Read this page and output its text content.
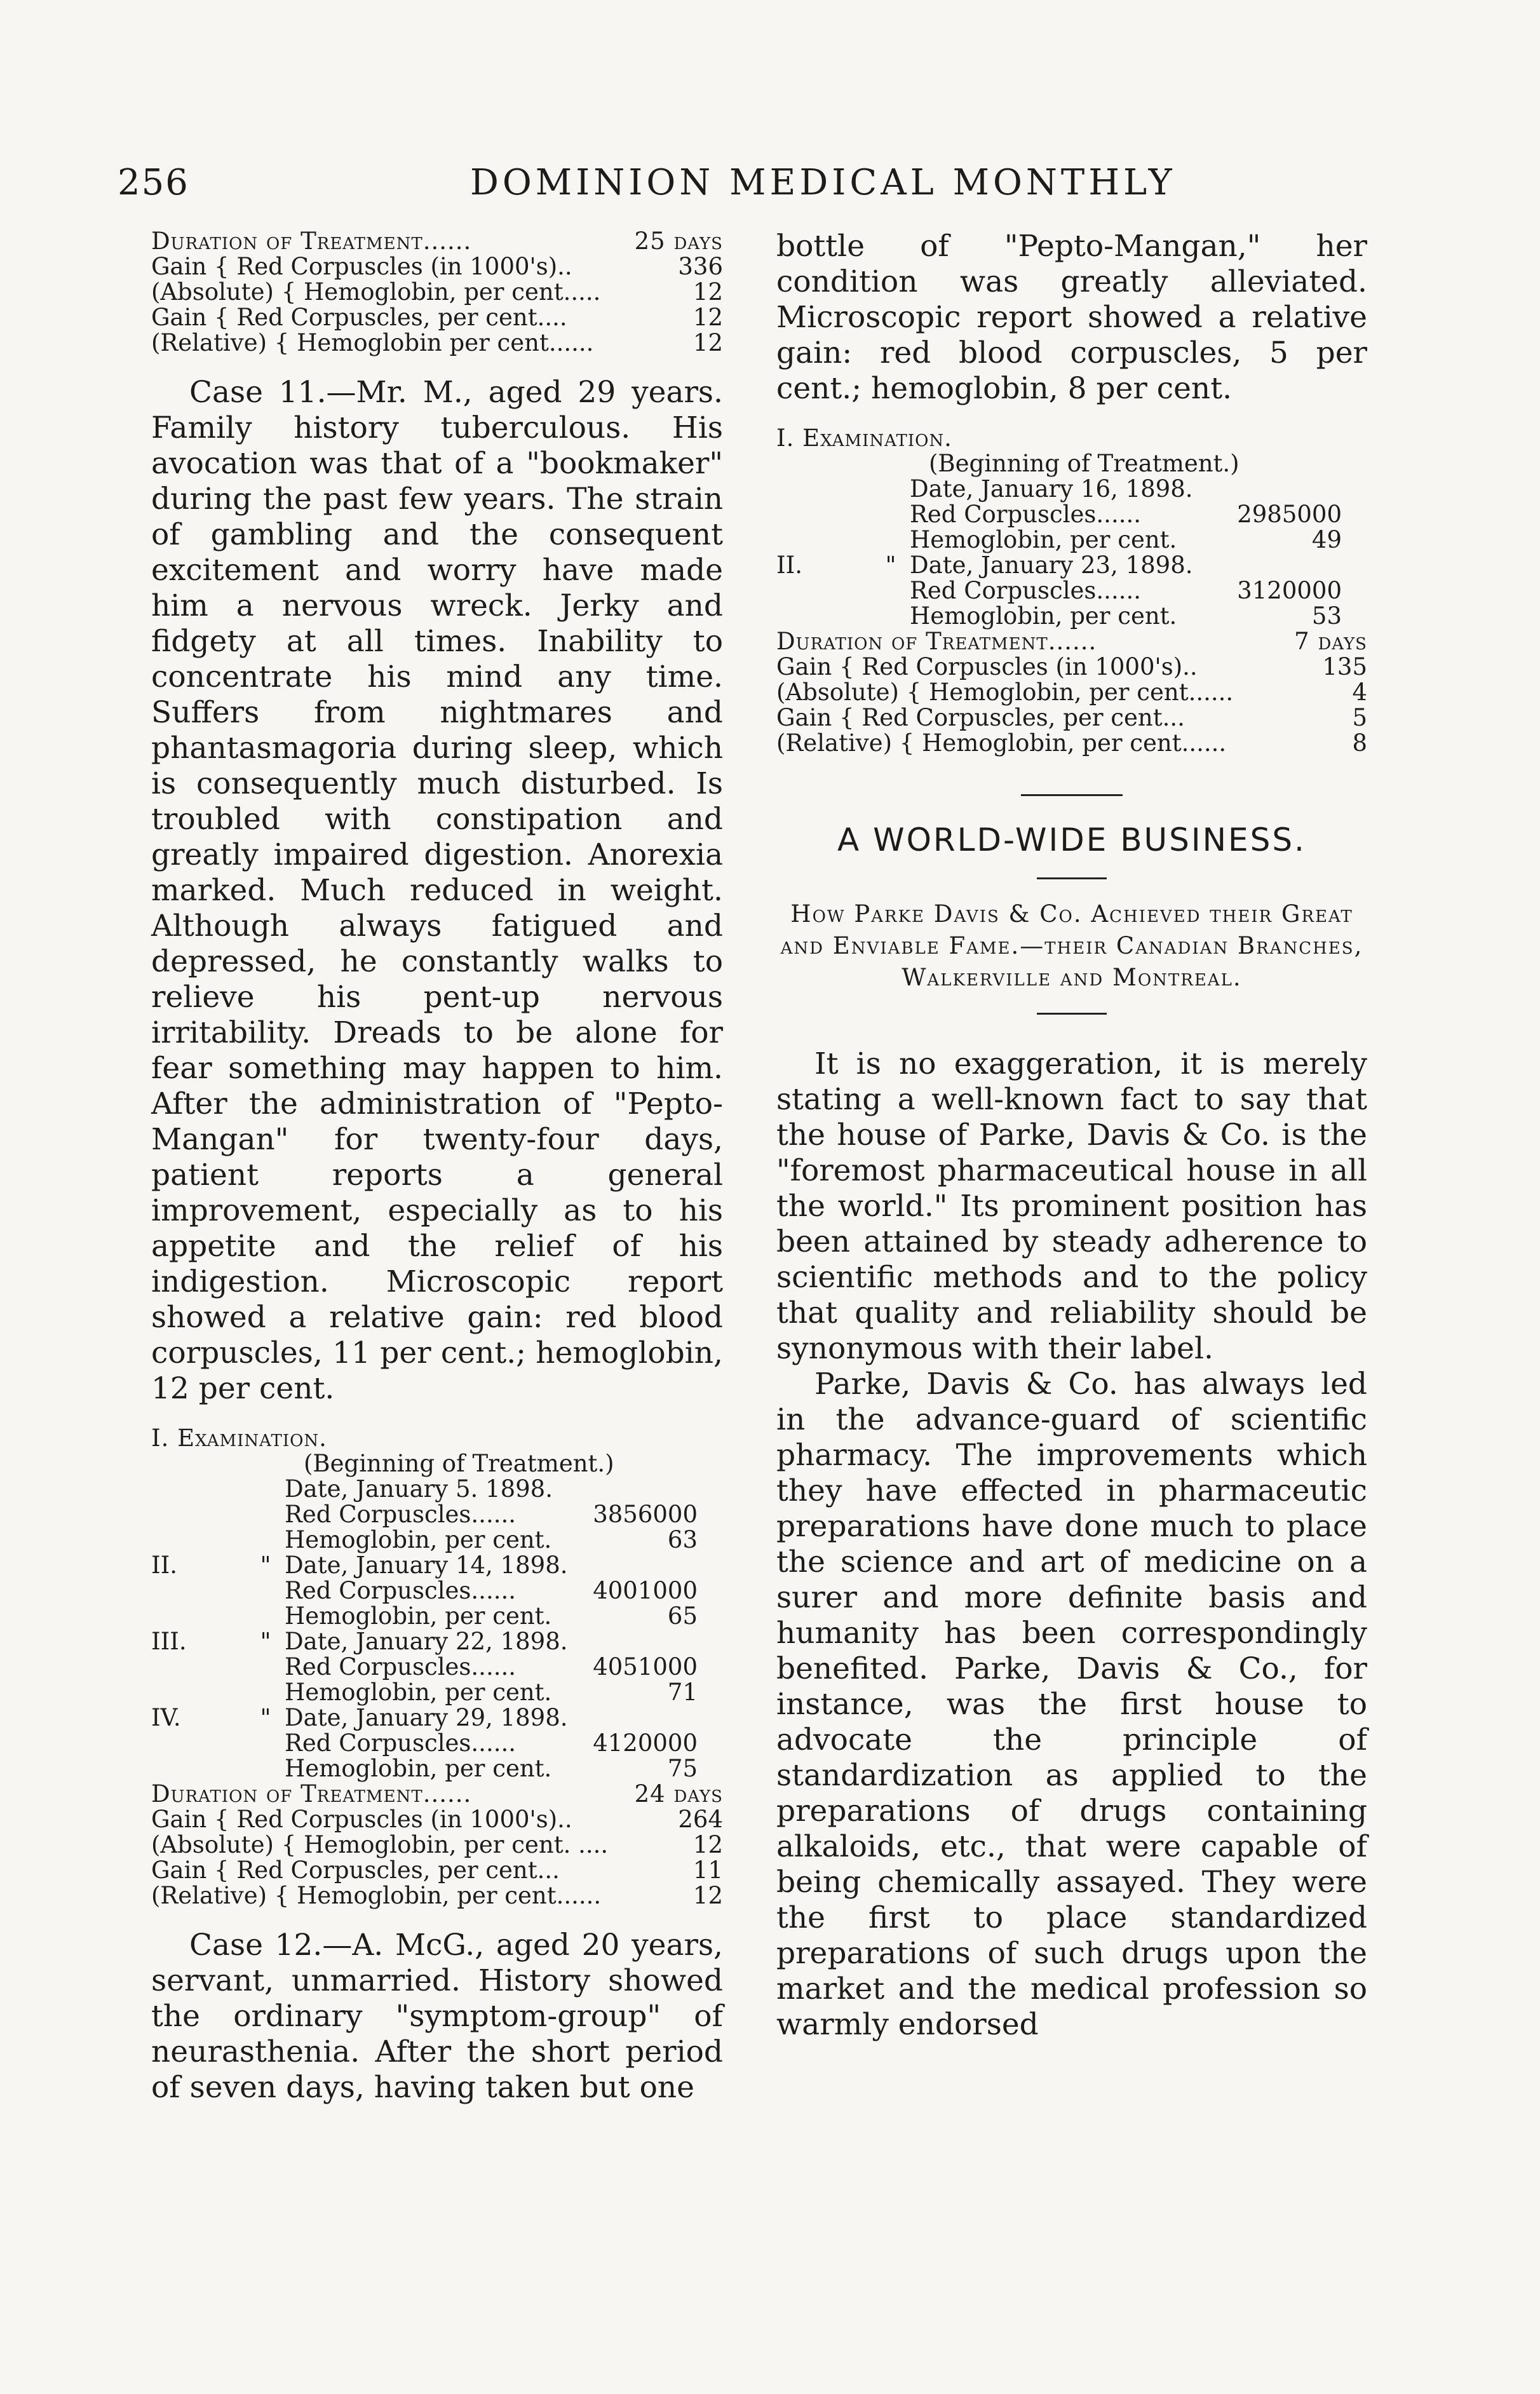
256	DOMINION MEDICAL MONTHLY
Duration of Treatment......	25 days
Gain { Red Corpuscles (in 1000's)..	336
(Absolute) { Hemoglobin, per cent.....	12
Gain { Red Corpuscles, per cent....	12
(Relative) { Hemoglobin per cent......	12

Case 11.—Mr. M., aged 29 years. Family history tuberculous. His avocation was that of a "bookmaker" during the past few years. The strain of gambling and the consequent excitement and worry have made him a nervous wreck. Jerky and fidgety at all times. Inability to concentrate his mind any time. Suffers from nightmares and phantasmagoria during sleep, which is consequently much disturbed. Is troubled with constipation and greatly impaired digestion. Anorexia marked. Much reduced in weight. Although always fatigued and depressed, he constantly walks to relieve his pent-up nervous irritability. Dreads to be alone for fear something may happen to him. After the administration of "Pepto-Mangan" for twenty-four days, patient reports a general improvement, especially as to his appetite and the relief of his indigestion. Microscopic report showed a relative gain: red blood corpuscles, 11 per cent.; hemoglobin, 12 per cent.

I. Examination.
(Beginning of Treatment.)
Date, January 5. 1898.
Red Corpuscles......	3856000
Hemoglobin, per cent.	63
II.	" Date, January 14, 1898.
Red Corpuscles......	4001000
Hemoglobin, per cent.	65
III.	" Date, January 22, 1898.
Red Corpuscles......	4051000
Hemoglobin, per cent.	71
IV.	" Date, January 29, 1898.
Red Corpuscles......	4120000
Hemoglobin, per cent.	75
Duration of Treatment......	24 days
Gain { Red Corpuscles (in 1000's)..	264
(Absolute) { Hemoglobin, per cent. ....	12
Gain { Red Corpuscles, per cent...	11
(Relative) { Hemoglobin, per cent......	12

Case 12.—A. McG., aged 20 years, servant, unmarried. History showed the ordinary "symptom-group" of neurasthenia. After the short period of seven days, having taken but one

bottle of "Pepto-Mangan," her condition was greatly alleviated. Microscopic report showed a relative gain: red blood corpuscles, 5 per cent.; hemoglobin, 8 per cent.

I. Examination.
(Beginning of Treatment.)
Date, January 16, 1898.
Red Corpuscles......	2985000
Hemoglobin, per cent.	49
II.	" Date, January 23, 1898.
Red Corpuscles......	3120000
Hemoglobin, per cent.	53
Duration of Treatment......	7 days
Gain { Red Corpuscles (in 1000's)..	135
(Absolute) { Hemoglobin, per cent......	4
Gain { Red Corpuscles, per cent...	5
(Relative) { Hemoglobin, per cent......	8

A WORLD-WIDE BUSINESS.

How Parke Davis & Co. Achieved their Great and Enviable Fame.—their Canadian Branches, Walkerville and Montreal.

It is no exaggeration, it is merely stating a well-known fact to say that the house of Parke, Davis & Co. is the "foremost pharmaceutical house in all the world." Its prominent position has been attained by steady adherence to scientific methods and to the policy that quality and reliability should be synonymous with their label.

Parke, Davis & Co. has always led in the advance-guard of scientific pharmacy. The improvements which they have effected in pharmaceutic preparations have done much to place the science and art of medicine on a surer and more definite basis and humanity has been correspondingly benefited. Parke, Davis & Co., for instance, was the first house to advocate the principle of standardization as applied to the preparations of drugs containing alkaloids, etc., that were capable of being chemically assayed. They were the first to place standardized preparations of such drugs upon the market and the medical profession so warmly endorsed
